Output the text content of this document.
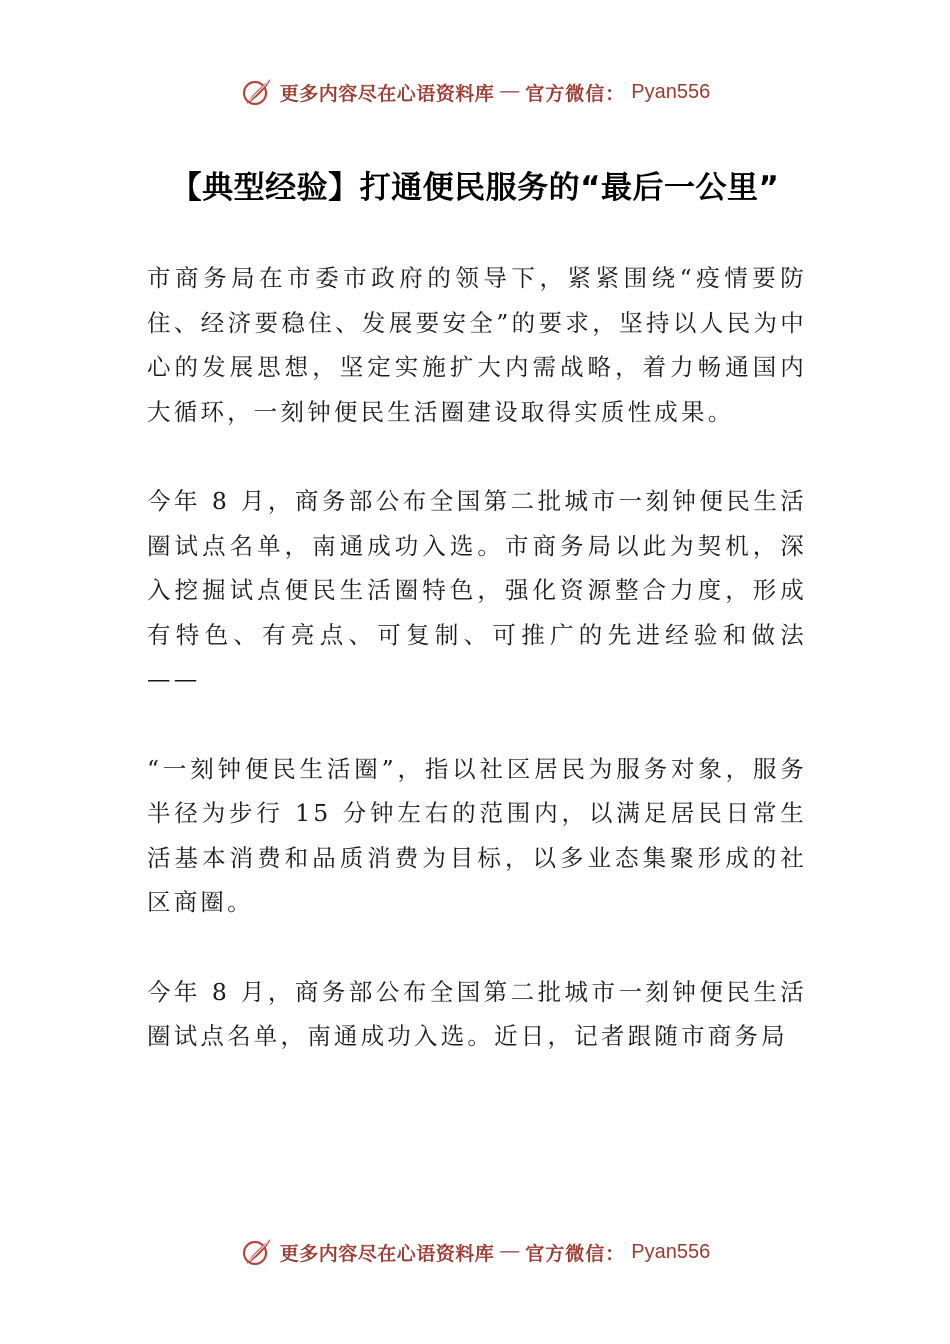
更多内容尽在心语资料库 — 官方微信： Pyan556
【典型经验】打通便民服务的“最后一公里”

市商务局在市委市政府的领导下，紧紧围绕“疫情要防住、经济要稳住、发展要安全”的要求，坚持以人民为中心的发展思想，坚定实施扩大内需战略，着力畅通国内大循环，一刻钟便民生活圈建设取得实质性成果。

今年 8 月，商务部公布全国第二批城市一刻钟便民生活圈试点名单，南通成功入选。市商务局以此为契机，深入挖掘试点便民生活圈特色，强化资源整合力度，形成有特色、有亮点、可复制、可推广的先进经验和做法——

“一刻钟便民生活圈”，指以社区居民为服务对象，服务半径为步行 15 分钟左右的范围内，以满足居民日常生活基本消费和品质消费为目标，以多业态集聚形成的社区商圈。

今年 8 月，商务部公布全国第二批城市一刻钟便民生活圈试点名单，南通成功入选。近日，记者跟随市商务局

更多内容尽在心语资料库 — 官方微信： Pyan556
